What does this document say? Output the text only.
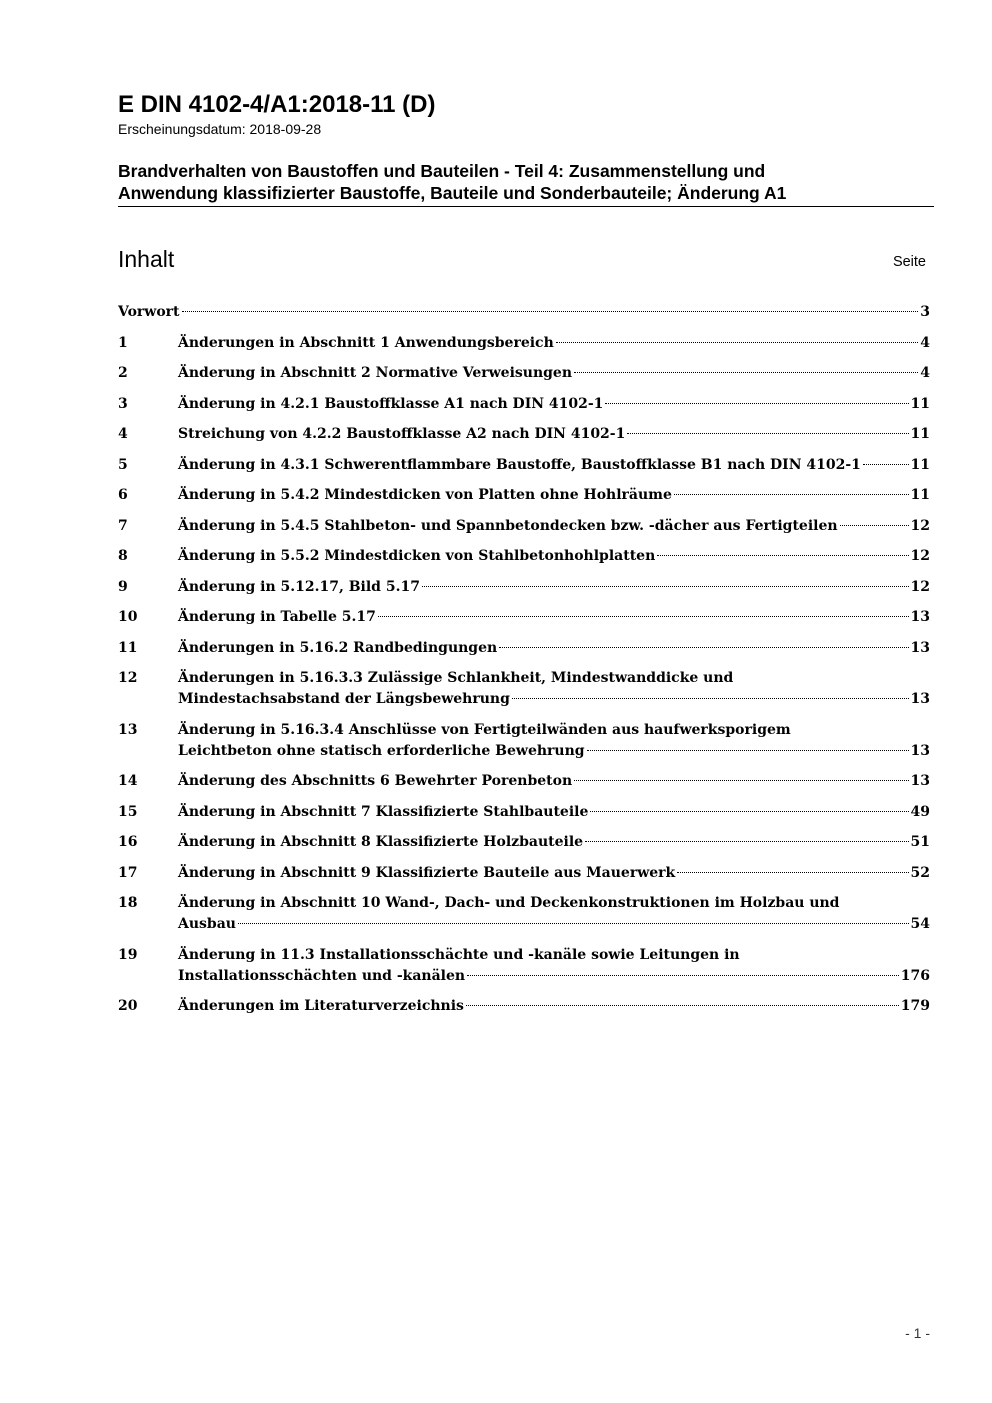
E DIN 4102-4/A1:2018-11 (D)

Erscheinungsdatum: 2018-09-28

Brandverhalten von Baustoffen und Bauteilen - Teil 4: Zusammenstellung und
Anwendung klassifizierter Baustoffe, Bauteile und Sonderbauteile; Änderung A1
Inhalt	Seite
Vorwort	3
1	Änderungen in Abschnitt 1 Anwendungsbereich	4
2	Änderung in Abschnitt 2 Normative Verweisungen	4
3	Änderung in 4.2.1 Baustoffklasse A1 nach DIN 4102-1	11
4	Streichung von 4.2.2 Baustoffklasse A2 nach DIN 4102-1	11
5	Änderung in 4.3.1 Schwerentflammbare Baustoffe, Baustoffklasse B1 nach DIN 4102-1	11
6	Änderung in 5.4.2 Mindestdicken von Platten ohne Hohlräume	11
7	Änderung in 5.4.5 Stahlbeton- und Spannbetondecken bzw. -dächer aus Fertigteilen	12
8	Änderung in 5.5.2 Mindestdicken von Stahlbetonhohlplatten	12
9	Änderung in 5.12.17, Bild 5.17	12
10	Änderung in Tabelle 5.17	13
11	Änderungen in 5.16.2 Randbedingungen	13
12	Änderungen in 5.16.3.3 Zulässige Schlankheit, Mindestwanddicke und
Mindestachsabstand der Längsbewehrung	13
13	Änderung in 5.16.3.4 Anschlüsse von Fertigteilwänden aus haufwerksporigem
Leichtbeton ohne statisch erforderliche Bewehrung	13
14	Änderung des Abschnitts 6 Bewehrter Porenbeton	13
15	Änderung in Abschnitt 7 Klassifizierte Stahlbauteile	49
16	Änderung in Abschnitt 8 Klassifizierte Holzbauteile	51
17	Änderung in Abschnitt 9 Klassifizierte Bauteile aus Mauerwerk	52
18	Änderung in Abschnitt 10 Wand-, Dach- und Deckenkonstruktionen im Holzbau und
Ausbau	54
19	Änderung in 11.3 Installationsschächte und -kanäle sowie Leitungen in
Installationsschächten und -kanälen	176
20	Änderungen im Literaturverzeichnis	179
- 1 -
